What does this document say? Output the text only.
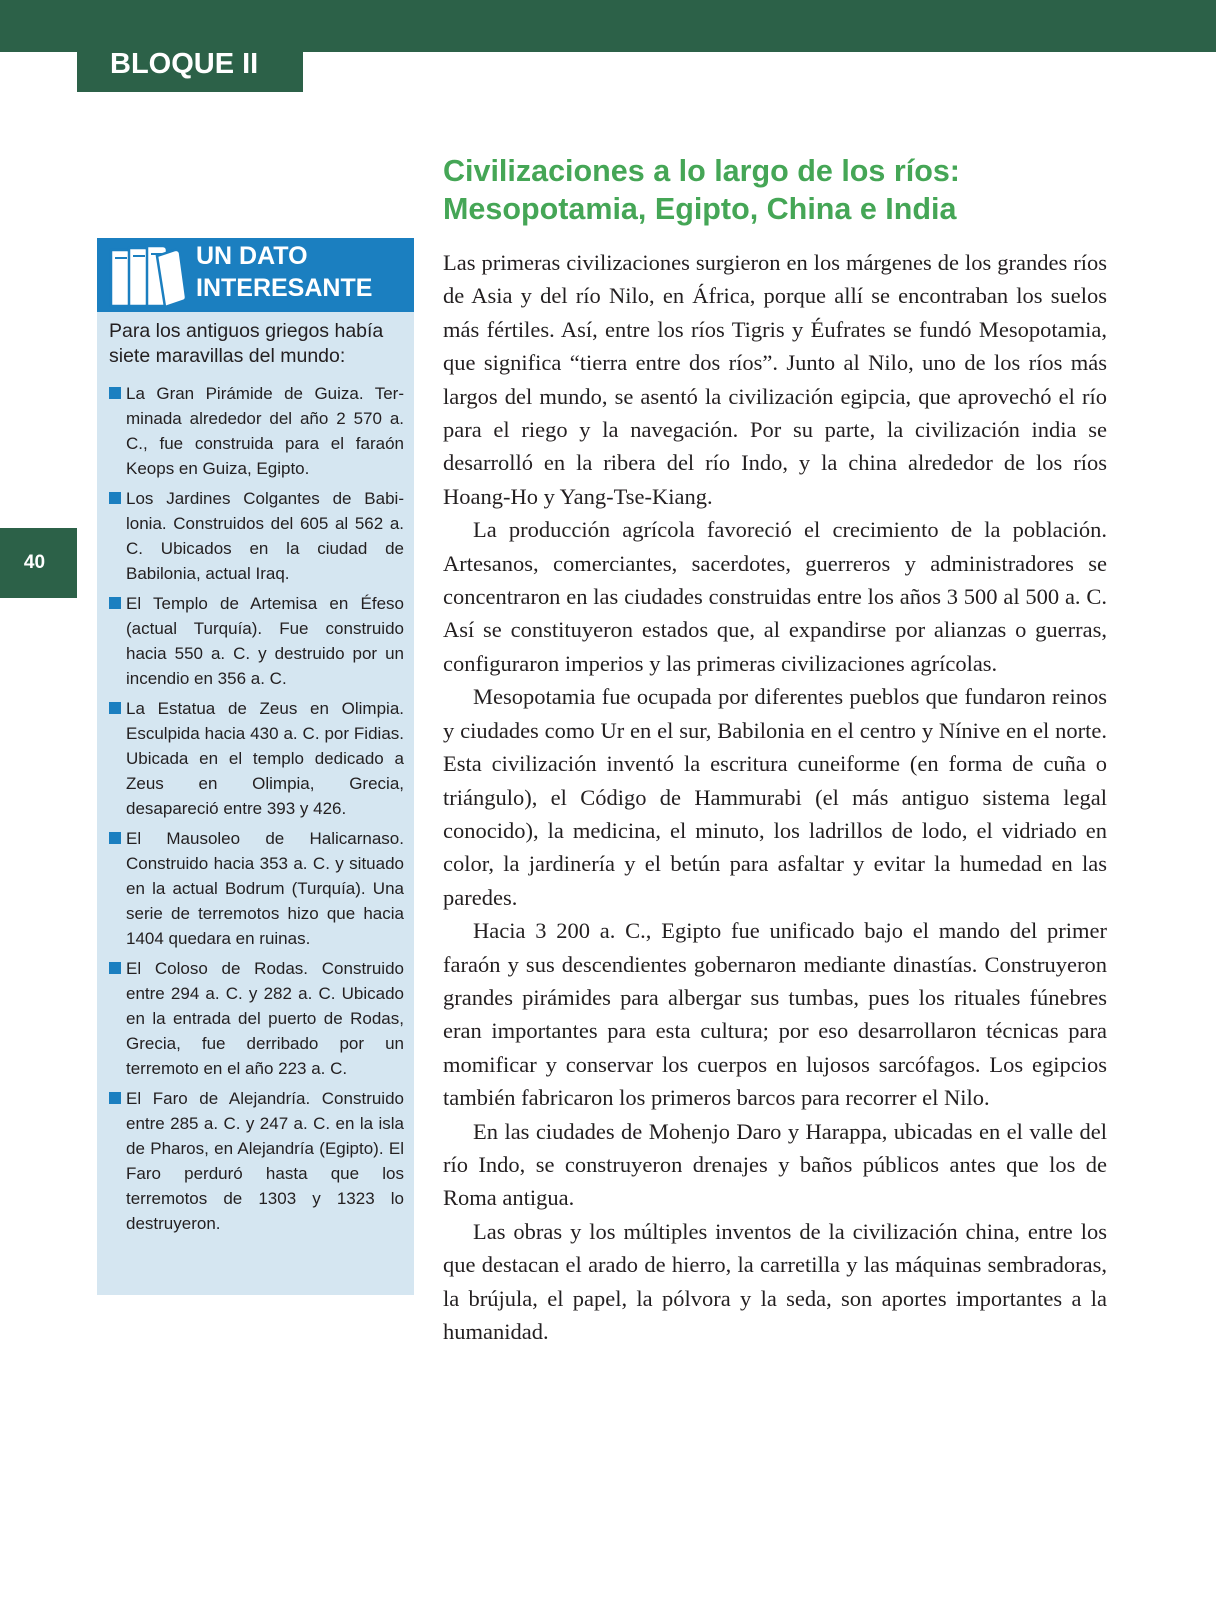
BLOQUE II
40
UN DATO
INTERESANTE
Para los antiguos griegos había siete maravillas del mundo:
La Gran Pirámide de Guiza. Terminada alrededor del año 2 570 a. C., fue construida para el faraón Keops en Guiza, Egipto.
Los Jardines Colgantes de Babilonia. Construidos del 605 al 562 a. C. Ubicados en la ciudad de Babilonia, actual Iraq.
El Templo de Artemisa en Éfeso (actual Turquía). Fue construido hacia 550 a. C. y destruido por un incendio en 356 a. C.
La Estatua de Zeus en Olimpia. Esculpida hacia 430 a. C. por Fidias. Ubicada en el templo dedicado a Zeus en Olimpia, Grecia, desapareció entre 393 y 426.
El Mausoleo de Halicarnaso. Construido hacia 353 a. C. y situado en la actual Bodrum (Turquía). Una serie de terremotos hizo que hacia 1404 quedara en ruinas.
El Coloso de Rodas. Construido entre 294 a. C. y 282 a. C. Ubicado en la entrada del puerto de Rodas, Grecia, fue derribado por un terremoto en el año 223 a. C.
El Faro de Alejandría. Construido entre 285 a. C. y 247 a. C. en la isla de Pharos, en Alejandría (Egipto). El Faro perduró hasta que los terremotos de 1303 y 1323 lo destruyeron.
Civilizaciones a lo largo de los ríos:
Mesopotamia, Egipto, China e India

Las primeras civilizaciones surgieron en los márgenes de los grandes ríos de Asia y del río Nilo, en África, porque allí se encontraban los suelos más fértiles. Así, entre los ríos Tigris y Éufrates se fundó Mesopotamia, que significa “tierra entre dos ríos”. Junto al Nilo, uno de los ríos más largos del mundo, se asentó la civilización egipcia, que aprovechó el río para el riego y la navegación. Por su parte, la civilización india se desarrolló en la ribera del río Indo, y la china alrededor de los ríos Hoang-Ho y Yang-Tse-Kiang.

La producción agrícola favoreció el crecimiento de la población. Artesanos, comerciantes, sacerdotes, guerreros y administradores se concentraron en las ciudades construidas entre los años 3 500 al 500 a. C. Así se constituyeron estados que, al expandirse por alianzas o guerras, configuraron imperios y las primeras civilizaciones agrícolas.

Mesopotamia fue ocupada por diferentes pueblos que fundaron reinos y ciudades como Ur en el sur, Babilonia en el centro y Nínive en el norte. Esta civilización inventó la escritura cuneiforme (en forma de cuña o triángulo), el Código de Hammurabi (el más antiguo sistema legal conocido), la medicina, el minuto, los ladrillos de lodo, el vidriado en color, la jardinería y el betún para asfaltar y evitar la humedad en las paredes.

Hacia 3 200 a. C., Egipto fue unificado bajo el mando del primer faraón y sus descendientes gobernaron mediante dinastías. Construyeron grandes pirámides para albergar sus tumbas, pues los rituales fúnebres eran importantes para esta cultura; por eso desarrollaron técnicas para momificar y conservar los cuerpos en lujosos sarcófagos. Los egipcios también fabricaron los primeros barcos para recorrer el Nilo.

En las ciudades de Mohenjo Daro y Harappa, ubicadas en el valle del río Indo, se construyeron drenajes y baños públicos antes que los de Roma antigua.

Las obras y los múltiples inventos de la civilización china, entre los que destacan el arado de hierro, la carretilla y las máquinas sembradoras, la brújula, el papel, la pólvora y la seda, son aportes importantes a la humanidad.
